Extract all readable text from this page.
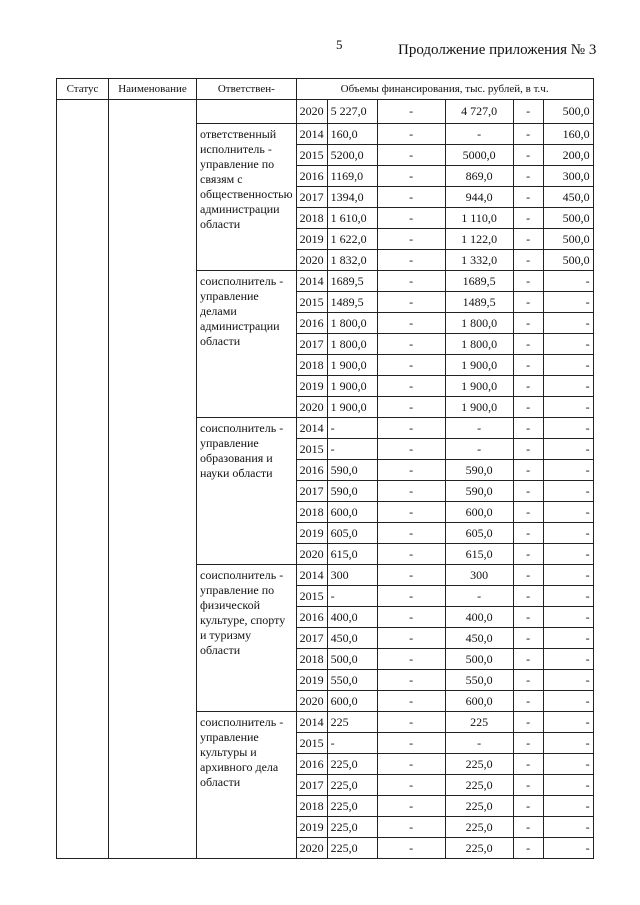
5	Продолжение приложения № 3
Статус	Наименование	Ответствен-	Объемы финансирования, тыс. рублей, в т.ч.					
			2020	5 227,0	-	4 727,0	-	500,0
		ответственный исполнитель - управление по связям с общественностью администрации области	2014	160,0	-	-	-	160,0
			2015	5200,0	-	5000,0	-	200,0
			2016	1169,0	-	869,0	-	300,0
			2017	1394,0	-	944,0	-	450,0
			2018	1 610,0	-	1 110,0	-	500,0
			2019	1 622,0	-	1 122,0	-	500,0
			2020	1 832,0	-	1 332,0	-	500,0
		соисполнитель - управление делами администрации области	2014	1689,5	-	1689,5	-	-
			2015	1489,5	-	1489,5	-	-
			2016	1 800,0	-	1 800,0	-	-
			2017	1 800,0	-	1 800,0	-	-
			2018	1 900,0	-	1 900,0	-	-
			2019	1 900,0	-	1 900,0	-	-
			2020	1 900,0	-	1 900,0	-	-
		соисполнитель - управление образования и науки области	2014	-	-	-	-	-
			2015	-	-	-	-	-
			2016	590,0	-	590,0	-	-
			2017	590,0	-	590,0	-	-
			2018	600,0	-	600,0	-	-
			2019	605,0	-	605,0	-	-
			2020	615,0	-	615,0	-	-
		соисполнитель - управление по физической культуре, спорту и туризму области	2014	300	-	300	-	-
			2015	-	-	-	-	-
			2016	400,0	-	400,0	-	-
			2017	450,0	-	450,0	-	-
			2018	500,0	-	500,0	-	-
			2019	550,0	-	550,0	-	-
			2020	600,0	-	600,0	-	-
		соисполнитель - управление культуры и архивного дела области	2014	225	-	225	-	-
			2015	-	-	-	-	-
			2016	225,0	-	225,0	-	-
			2017	225,0	-	225,0	-	-
			2018	225,0	-	225,0	-	-
			2019	225,0	-	225,0	-	-
			2020	225,0	-	225,0	-	-
